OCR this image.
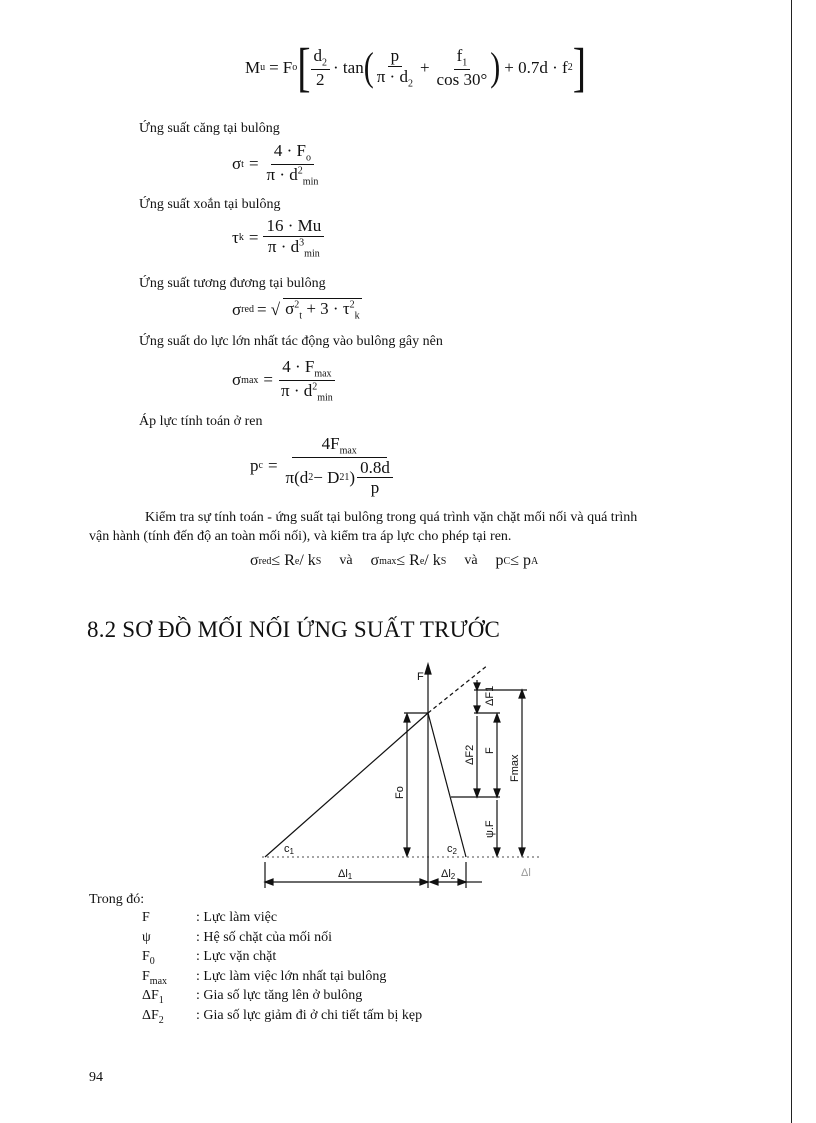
M u = F o [ $\frac{d_2}{2} \cdot \tan$ ( $\frac{p}{\pi \cdot d_2} + \frac{f_1}{\cos 30^\circ}$ ) + 0.7d · f 2 ]
Ứng suất căng tại bulông
σ $t = \frac{4 \cdot F_o}{\pi \cdot d^2_{min}}$
Ứng suất xoắn tại bulông
τ $k = \frac{16 \cdot Mu}{\pi \cdot d^3_{min}}$
Ứng suất tương đương tại bulông
σ red = √ $\sigma^2_t + 3 \cdot \tau^2_k$
Ứng suất do lực lớn nhất tác động vào bulông gây nên
σ $\max = \frac{4 \cdot F_{max}}{\pi \cdot d^2_{min}}$
Áp lực tính toán ở ren
p $c = \frac{4F_{max}}{\pi(d 2 - D 2 1 ) \frac{0.8d}{p}}$
Kiểm tra sự tính toán - ứng suất tại bulông trong quá trình vặn chặt mối nối và quá trình
vận hành (tính đến độ an toàn mối nối), và kiểm tra áp lực cho phép tại ren.
σ red ≤ R e / k S và σ max ≤ R e / k S và p C ≤ p A
8.2 SƠ ĐỒ MỐI NỐI ỨNG SUẤT TRƯỚC
F
ΔF1
ΔF2 F
Fmax
Fo
ψ.F
c1	c2
Δl1	Δl2	Δl
Trong đó:
F	: Lực làm việc
ψ	: Hệ số chặt của mối nối
$F_0$	: Lực vặn chặt
$F_{max}$ : Lực làm việc lớn nhất tại bulông
$\Delta F_1$ : Gia số lực tăng lên ở bulông
$\Delta F_2$ : Gia số lực giảm đi ở chi tiết tấm bị kẹp
94
